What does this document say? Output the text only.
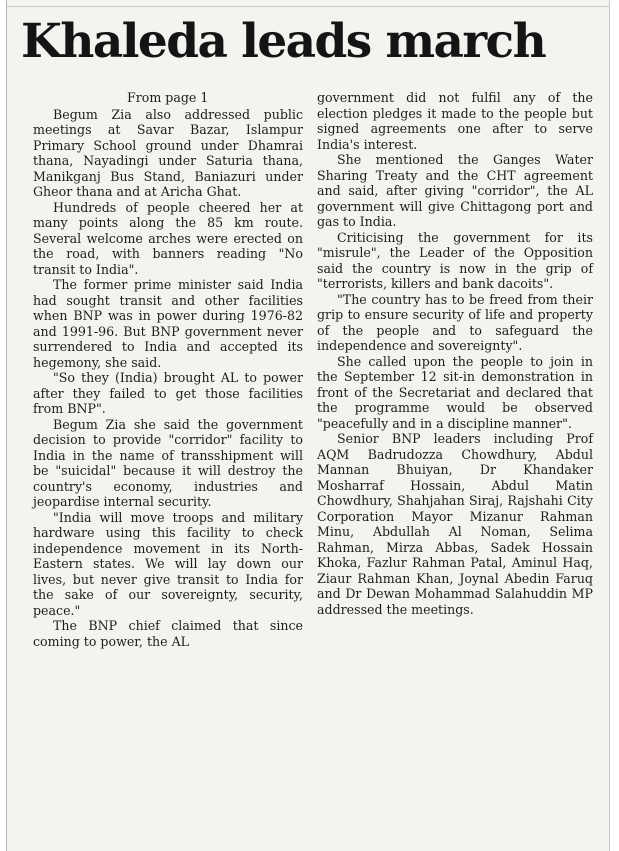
Khaleda leads march
From page 1

Begum Zia also addressed public meetings at Savar Bazar, Islampur Primary School ground under Dhamrai thana, Nayadingi under Saturia thana, Manikganj Bus Stand, Baniazuri under Gheor thana and at Aricha Ghat.

Hundreds of people cheered her at many points along the 85 km route. Several welcome arches were erected on the road, with banners reading "No transit to India".

The former prime minister said India had sought transit and other facilities when BNP was in power during 1976-82 and 1991-96. But BNP government never surrendered to India and accepted its hegemony, she said.

"So they (India) brought AL to power after they failed to get those facilities from BNP".

Begum Zia she said the government decision to provide "corridor" facility to India in the name of transshipment will be "suicidal" because it will destroy the country's economy, industries and jeopardise internal security.

"India will move troops and military hardware using this facility to check independence movement in its North-Eastern states. We will lay down our lives, but never give transit to India for the sake of our sovereignty, security, peace."

The BNP chief claimed that since coming to power, the AL

government did not fulfil any of the election pledges it made to the people but signed agreements one after to serve India's interest.

She mentioned the Ganges Water Sharing Treaty and the CHT agreement and said, after giving "corridor", the AL government will give Chittagong port and gas to India.

Criticising the government for its "misrule", the Leader of the Opposition said the country is now in the grip of "terrorists, killers and bank dacoits".

"The country has to be freed from their grip to ensure security of life and property of the people and to safeguard the independence and sovereignty".

She called upon the people to join in the September 12 sit-in demonstration in front of the Secretariat and declared that the programme would be observed "peacefully and in a discipline manner".

Senior BNP leaders including Prof AQM Badrudozza Chowdhury, Abdul Mannan Bhuiyan, Dr Khandaker Mosharraf Hossain, Abdul Matin Chowdhury, Shahjahan Siraj, Rajshahi City Corporation Mayor Mizanur Rahman Minu, Abdullah Al Noman, Selima Rahman, Mirza Abbas, Sadek Hossain Khoka, Fazlur Rahman Patal, Aminul Haq, Ziaur Rahman Khan, Joynal Abedin Faruq and Dr Dewan Mohammad Salahuddin MP addressed the meetings.
